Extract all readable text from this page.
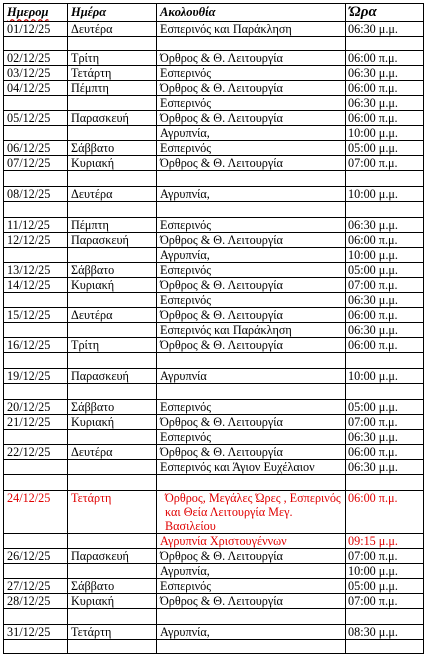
Ημερομ	Ημέρα	Ακολουθία	Ώρα
01/12/25	Δευτέρα	Εσπερινός και Παράκληση	06:30 μ.μ.

02/12/25	Τρίτη	Όρθρος & Θ. Λειτουργία	06:00 π.μ.
03/12/25	Τετάρτη	Εσπερινός	06:30 μ.μ.
04/12/25	Πέμπτη	Όρθρος & Θ. Λειτουργία	06:00 π.μ.
		Εσπερινός	06:30 μ.μ.
05/12/25	Παρασκευή	Όρθρος & Θ. Λειτουργία	06:00 π.μ.
		Αγρυπνία,	10:00 μ.μ.
06/12/25	Σάββατο	Εσπερινός	05:00 μ.μ.
07/12/25	Κυριακή	Όρθρος & Θ. Λειτουργία	07:00 π.μ.

08/12/25	Δευτέρα	Αγρυπνία,	10:00 μ.μ.

11/12/25	Πέμπτη	Εσπερινός	06:30 μ.μ.
12/12/25	Παρασκευή	Όρθρος & Θ. Λειτουργία	06:00 π.μ.
		Αγρυπνία,	10:00 μ.μ.
13/12/25	Σάββατο	Εσπερινός	05:00 μ.μ.
14/12/25	Κυριακή	Όρθρος & Θ. Λειτουργία	07:00 π.μ.
		Εσπερινός	06:30 μ.μ.
15/12/25	Δευτέρα	Όρθρος & Θ. Λειτουργία	06:00 π.μ.
		Εσπερινός και Παράκληση	06:30 μ.μ.
16/12/25	Τρίτη	Όρθρος & Θ. Λειτουργία	06:00 π.μ.

19/12/25	Παρασκευή	Αγρυπνία	10:00 μ.μ.

20/12/25	Σάββατο	Εσπερινός	05:00 μ.μ.
21/12/25	Κυριακή	Όρθρος & Θ. Λειτουργία	07:00 π.μ.
		Εσπερινός	06:30 μ.μ.
22/12/25	Δευτέρα	Όρθρος & Θ. Λειτουργία	06:00 π.μ.
		Εσπερινός και Άγιον Ευχέλαιον	06:30 μ.μ.

24/12/25	Τετάρτη	Όρθρος, Μεγάλες Ώρες , Εσπερινός και Θεία Λειτουργία Μεγ. Βασιλείου	06:00 π.μ.
		Αγρυπνία Χριστουγέννων	09:15 μ.μ.
26/12/25	Παρασκευή	Όρθρος & Θ. Λειτουργία	07:00 π.μ.
		Αγρυπνία,	10:00 μ.μ.
27/12/25	Σάββατο	Εσπερινός	05:00 μ.μ.
28/12/25	Κυριακή	Όρθρος & Θ. Λειτουργία	07:00 π.μ.

31/12/25	Τετάρτη	Αγρυπνία,	08:30 μ.μ.
